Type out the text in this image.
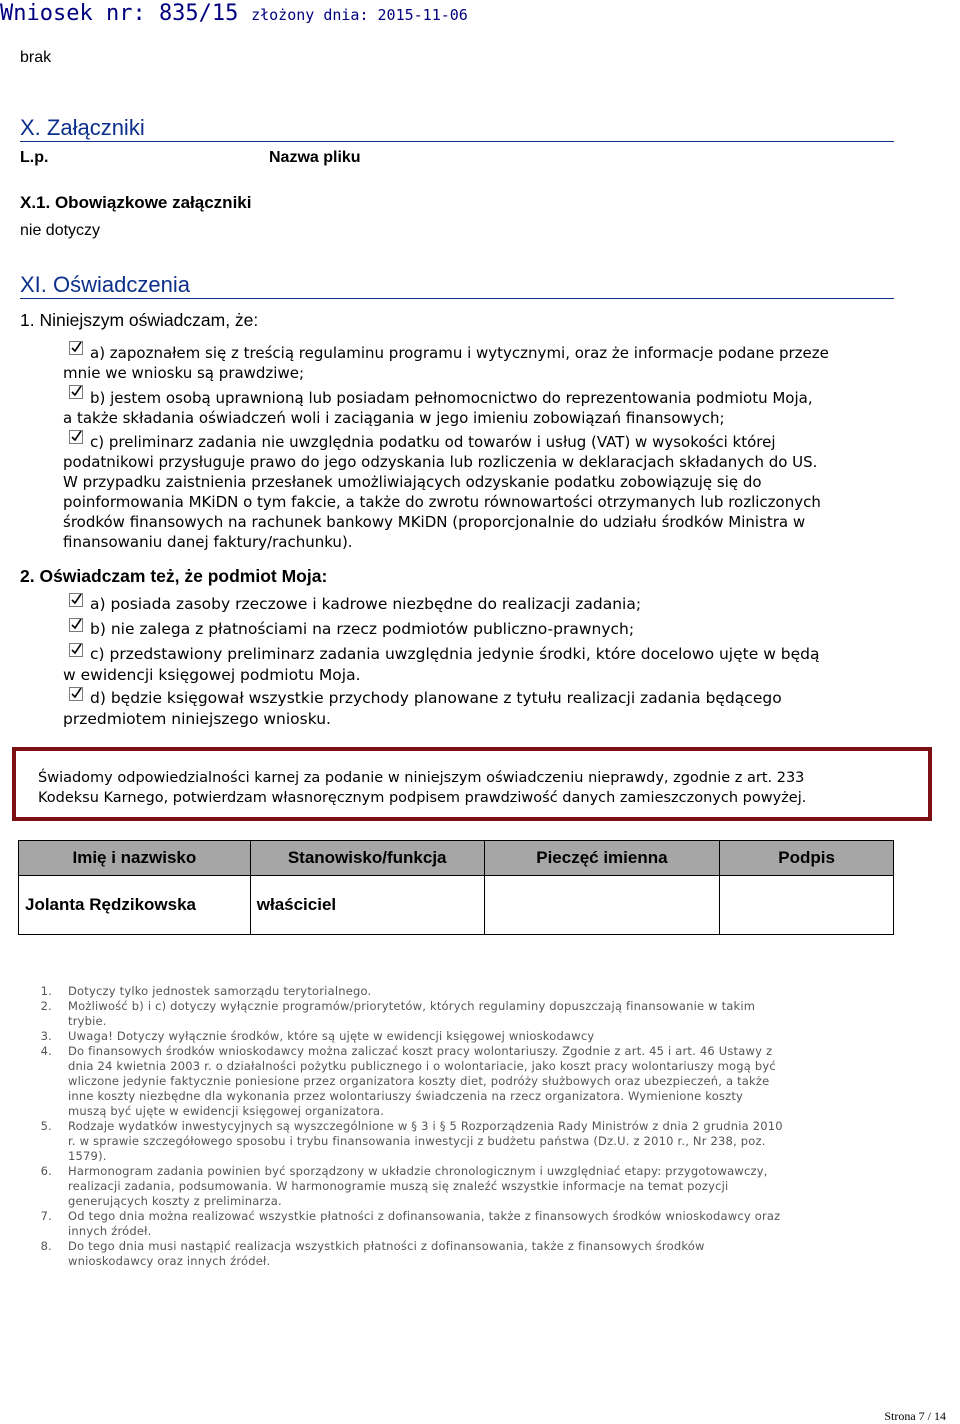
Wniosek nr: 835/15 złożony dnia: 2015-11-06
brak
X. Załączniki
L.p.	Nazwa pliku
X.1. Obowiązkowe załączniki
nie dotyczy
XI. Oświadczenia
1. Niniejszym oświadczam, że:
a) zapoznałem się z treścią regulaminu programu i wytycznymi, oraz że informacje podane przeze
mnie we wniosku są prawdziwe;
b) jestem osobą uprawnioną lub posiadam pełnomocnictwo do reprezentowania podmiotu Moja,
a także składania oświadczeń woli i zaciągania w jego imieniu zobowiązań finansowych;
c) preliminarz zadania nie uwzględnia podatku od towarów i usług (VAT) w wysokości której
podatnikowi przysługuje prawo do jego odzyskania lub rozliczenia w deklaracjach składanych do US.
W przypadku zaistnienia przesłanek umożliwiających odzyskanie podatku zobowiązuję się do
poinformowania MKiDN o tym fakcie, a także do zwrotu równowartości otrzymanych lub rozliczonych
środków finansowych na rachunek bankowy MKiDN (proporcjonalnie do udziału środków Ministra w
finansowaniu danej faktury/rachunku).
2. Oświadczam też, że podmiot Moja:
a) posiada zasoby rzeczowe i kadrowe niezbędne do realizacji zadania;
b) nie zalega z płatnościami na rzecz podmiotów publiczno-prawnych;
c) przedstawiony preliminarz zadania uwzględnia jedynie środki, które docelowo ujęte w będą
w ewidencji księgowej podmiotu Moja.
d) będzie księgował wszystkie przychody planowane z tytułu realizacji zadania będącego
przedmiotem niniejszego wniosku.
Świadomy odpowiedzialności karnej za podanie w niniejszym oświadczeniu nieprawdy, zgodnie z art. 233
Kodeksu Karnego, potwierdzam własnoręcznym podpisem prawdziwość danych zamieszczonych powyżej.
Imię i nazwisko	Stanowisko/funkcja	Pieczęć imienna	Podpis
Jolanta Rędzikowska	właściciel		
1. Dotyczy tylko jednostek samorządu terytorialnego.
2. Możliwość b) i c) dotyczy wyłącznie programów/priorytetów, których regulaminy dopuszczają finansowanie w takim
trybie.
3. Uwaga! Dotyczy wyłącznie środków, które są ujęte w ewidencji księgowej wnioskodawcy
4. Do finansowych środków wnioskodawcy można zaliczać koszt pracy wolontariuszy. Zgodnie z art. 45 i art. 46 Ustawy z
dnia 24 kwietnia 2003 r. o działalności pożytku publicznego i o wolontariacie, jako koszt pracy wolontariuszy mogą być
wliczone jedynie faktycznie poniesione przez organizatora koszty diet, podróży służbowych oraz ubezpieczeń, a także
inne koszty niezbędne dla wykonania przez wolontariuszy świadczenia na rzecz organizatora. Wymienione koszty
muszą być ujęte w ewidencji księgowej organizatora.
5. Rodzaje wydatków inwestycyjnych są wyszczególnione w § 3 i § 5 Rozporządzenia Rady Ministrów z dnia 2 grudnia 2010
r. w sprawie szczegółowego sposobu i trybu finansowania inwestycji z budżetu państwa (Dz.U. z 2010 r., Nr 238, poz.
1579).
6. Harmonogram zadania powinien być sporządzony w układzie chronologicznym i uwzględniać etapy: przygotowawczy,
realizacji zadania, podsumowania. W harmonogramie muszą się znaleźć wszystkie informacje na temat pozycji
generujących koszty z preliminarza.
7. Od tego dnia można realizować wszystkie płatności z dofinansowania, także z finansowych środków wnioskodawcy oraz
innych źródeł.
8. Do tego dnia musi nastąpić realizacja wszystkich płatności z dofinansowania, także z finansowych środków
wnioskodawcy oraz innych źródeł.
Strona 7 / 14
